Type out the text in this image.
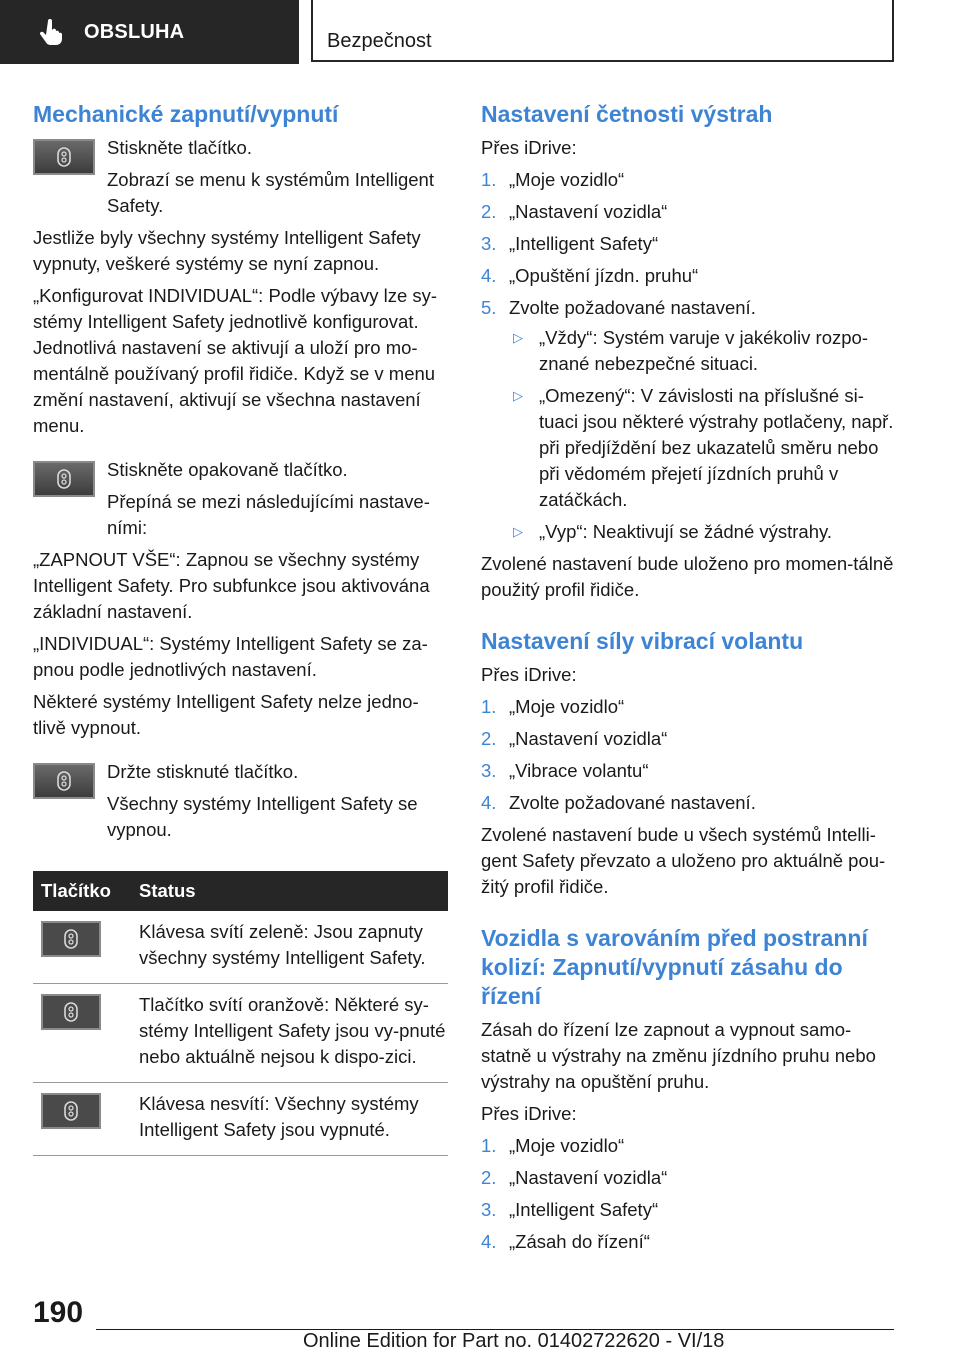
OBSLUHA	Bezpečnost
Mechanické zapnutí/vypnutí

Stiskněte tlačítko.

Zobrazí se menu k systémům Intelligent Safety.

Jestliže byly všechny systémy Intelligent Safety vypnuty, veškeré systémy se nyní zapnou.

„Konfigurovat INDIVIDUAL“: Podle výbavy lze sy-stémy Intelligent Safety jednotlivě konfigurovat. Jednotlivá nastavení se aktivují a uloží pro mo-mentálně používaný profil řidiče. Když se v menu změní nastavení, aktivují se všechna nastavení menu.

Stiskněte opakovaně tlačítko.

Přepíná se mezi následujícími nastave-ními:

„ZAPNOUT VŠE“: Zapnou se všechny systémy Intelligent Safety. Pro subfunkce jsou aktivována základní nastavení.

„INDIVIDUAL“: Systémy Intelligent Safety se za-pnou podle jednotlivých nastavení.

Některé systémy Intelligent Safety nelze jedno-tlivě vypnout.

Držte stisknuté tlačítko.

Všechny systémy Intelligent Safety se vypnou.

Tlačítko	Status

	Klávesa svítí zeleně: Jsou zapnuty všechny systémy Intelligent Safety.

	Tlačítko svítí oranžově: Některé sy-stémy Intelligent Safety jsou vy-pnuté nebo aktuálně nejsou k dispo-zici.

	Klávesa nesvítí: Všechny systémy Intelligent Safety jsou vypnuté.
Nastavení četnosti výstrah

Přes iDrive:

1. „Moje vozidlo“
2. „Nastavení vozidla“
3. „Intelligent Safety“
4. „Opuštění jízdn. pruhu“
5. Zvolte požadované nastavení.
▷ „Vždy“: Systém varuje v jakékoliv rozpo-znané nebezpečné situaci.
▷ „Omezený“: V závislosti na příslušné si-tuaci jsou některé výstrahy potlačeny, např. při předjíždění bez ukazatelů směru nebo při vědomém přejetí jízdních pruhů v zatáčkách.
▷ „Vyp“: Neaktivují se žádné výstrahy.

Zvolené nastavení bude uloženo pro momen-tálně použitý profil řidiče.

Nastavení síly vibrací volantu

Přes iDrive:

1. „Moje vozidlo“
2. „Nastavení vozidla“
3. „Vibrace volantu“
4. Zvolte požadované nastavení.

Zvolené nastavení bude u všech systémů Intelli-gent Safety převzato a uloženo pro aktuálně pou-žitý profil řidiče.

Vozidla s varováním před postranní kolizí: Zapnutí/vypnutí zásahu do řízení

Zásah do řízení lze zapnout a vypnout samo-statně u výstrahy na změnu jízdního pruhu nebo výstrahy na opuštění pruhu.

Přes iDrive:

1. „Moje vozidlo“
2. „Nastavení vozidla“
3. „Intelligent Safety“
4. „Zásah do řízení“
190
Online Edition for Part no. 01402722620 - VI/18
